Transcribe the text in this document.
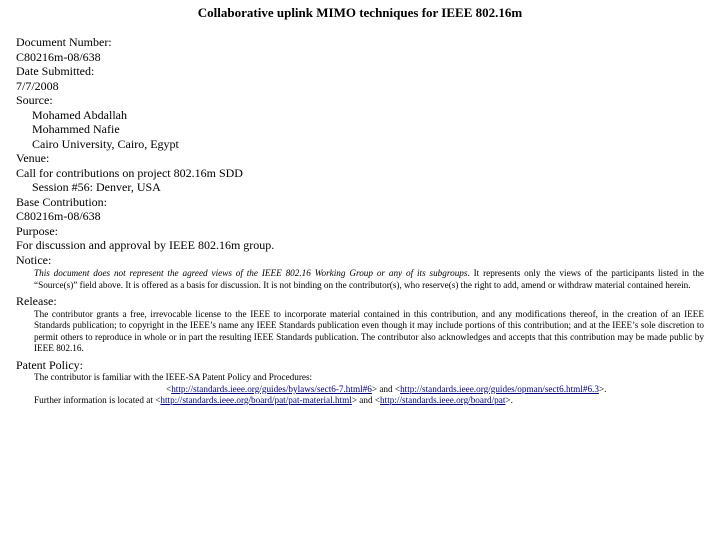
Collaborative uplink MIMO techniques for IEEE 802.16m
Document Number:
C80216m-08/638
Date Submitted:
7/7/2008
Source:
Mohamed Abdallah
Mohammed Nafie
Cairo University, Cairo, Egypt
Venue:
Call for contributions on project 802.16m SDD
Session #56: Denver, USA
Base Contribution:
C80216m-08/638
Purpose:
For discussion and approval by IEEE 802.16m group.
Notice:
This document does not represent the agreed views of the IEEE 802.16 Working Group or any of its subgroups. It represents only the views of the participants listed in the “Source(s)” field above. It is offered as a basis for discussion. It is not binding on the contributor(s), who reserve(s) the right to add, amend or withdraw material contained herein.
Release:
The contributor grants a free, irrevocable license to the IEEE to incorporate material contained in this contribution, and any modifications thereof, in the creation of an IEEE Standards publication; to copyright in the IEEE’s name any IEEE Standards publication even though it may include portions of this contribution; and at the IEEE’s sole discretion to permit others to reproduce in whole or in part the resulting IEEE Standards publication. The contributor also acknowledges and accepts that this contribution may be made public by IEEE 802.16.
Patent Policy:
The contributor is familiar with the IEEE-SA Patent Policy and Procedures:
<http://standards.ieee.org/guides/bylaws/sect6-7.html#6> and <http://standards.ieee.org/guides/opman/sect6.html#6.3>.
Further information is located at <http://standards.ieee.org/board/pat/pat-material.html> and <http://standards.ieee.org/board/pat>.
